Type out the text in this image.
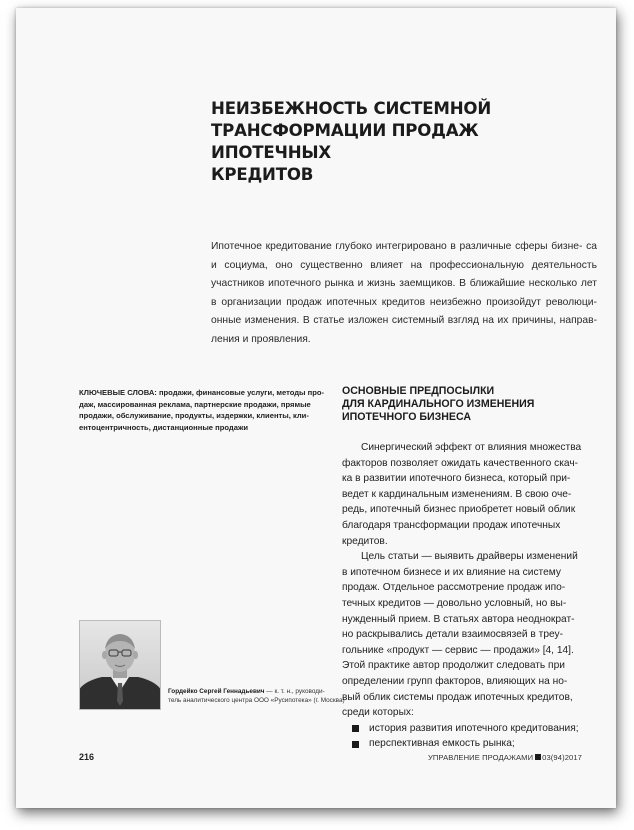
НЕИЗБЕЖНОСТЬ СИСТЕМНОЙ
ТРАНСФОРМАЦИИ ПРОДАЖ ИПОТЕЧНЫХ
КРЕДИТОВ

Ипотечное кредитование глубоко интегрировано в различные сферы бизне- са и социума, оно существенно влияет на профессиональную деятельность участников ипотечного рынка и жизнь заемщиков. В ближайшие несколько лет в организации продаж ипотечных кредитов неизбежно произойдут революци- онные изменения. В статье изложен системный взгляд на их причины, направ- ления и проявления.

КЛЮЧЕВЫЕ СЛОВА: продажи, финансовые услуги, методы про-
даж, массированная реклама, партнерские продажи, прямые
продажи, обслуживание, продукты, издержки, клиенты, кли-
ентоцентричность, дистанционные продажи

ОСНОВНЫЕ ПРЕДПОСЫЛКИ
ДЛЯ КАРДИНАЛЬНОГО ИЗМЕНЕНИЯ
ИПОТЕЧНОГО БИЗНЕСА

Синергический эффект от влияния множества
факторов позволяет ожидать качественного скач-
ка в развитии ипотечного бизнеса, который при-
ведет к кардинальным изменениям. В свою оче-
редь, ипотечный бизнес приобретет новый облик
благодаря трансформации продаж ипотечных
кредитов.

Цель статьи — выявить драйверы изменений
в ипотечном бизнесе и их влияние на систему
продаж. Отдельное рассмотрение продаж ипо-
течных кредитов — довольно условный, но вы-
нужденный прием. В статьях автора неоднократ-
но раскрывались детали взаимосвязей в треу-
гольнике «продукт — сервис — продажи» [4, 14].
Этой практике автор продолжит следовать при
определении групп факторов, влияющих на но-
вый облик системы продаж ипотечных кредитов,
среди которых:

история развития ипотечного кредитования;
перспективная емкость рынка;

Гордейко Сергей Геннадьевич — к. т. н., руководи-
тель аналитического центра ООО «Русипотека» (г. Москва)

216	УПРАВЛЕНИЕ ПРОДАЖАМИ 03(94)2017
